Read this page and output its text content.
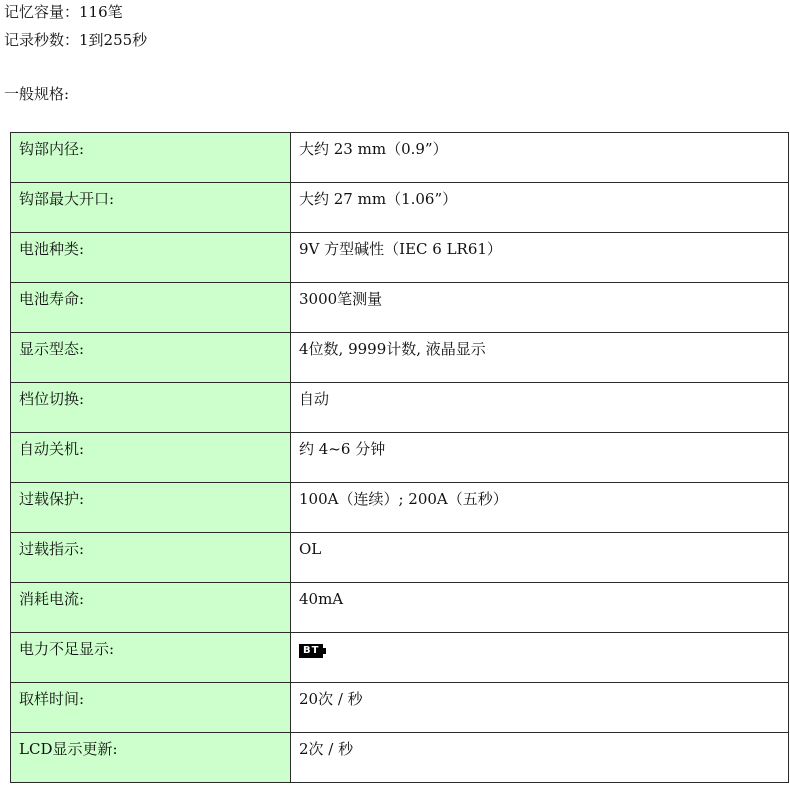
记忆容量：116笔
记录秒数：1到255秒
一般规格:
钩部内径:	大约 23 mm（0.9”）
钩部最大开口:	大约 27 mm（1.06”）
电池种类:	9V 方型碱性（IEC 6 LR61）
电池寿命:	3000笔测量
显示型态:	4位数, 9999计数, 液晶显示
档位切换:	自动
自动关机:	约 4~6 分钟
过载保护:	100A（连续）; 200A（五秒）
过载指示:	OL
消耗电流:	40mA
电力不足显示:	BT

取样时间:	20次 / 秒
LCD显示更新:	2次 / 秒
